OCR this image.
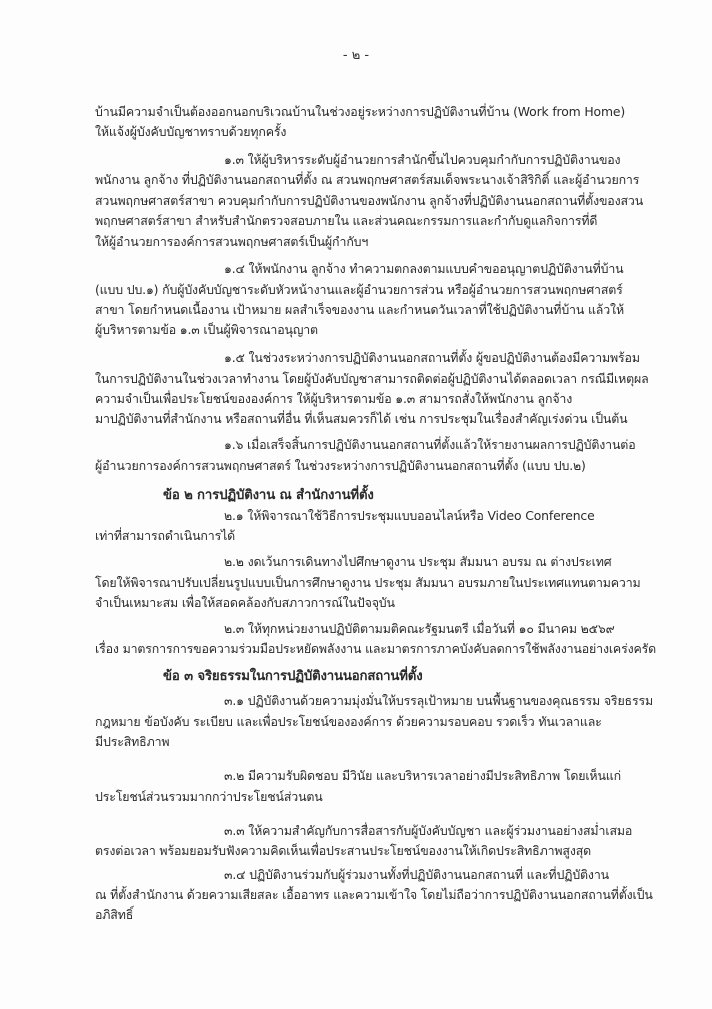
- ๒ -
บ้านมีความจำเป็นต้องออกนอกบริเวณบ้านในช่วงอยู่ระหว่างการปฏิบัติงานที่บ้าน (Work from Home)
ให้แจ้งผู้บังคับบัญชาทราบด้วยทุกครั้ง
๑.๓ ให้ผู้บริหารระดับผู้อำนวยการสำนักขึ้นไปควบคุมกำกับการปฏิบัติงานของ
พนักงาน ลูกจ้าง ที่ปฏิบัติงานนอกสถานที่ตั้ง ณ สวนพฤกษศาสตร์สมเด็จพระนางเจ้าสิริกิติ์ และผู้อำนวยการ
สวนพฤกษศาสตร์สาขา ควบคุมกำกับการปฏิบัติงานของพนักงาน ลูกจ้างที่ปฏิบัติงานนอกสถานที่ตั้งของสวน
พฤกษศาสตร์สาขา สำหรับสำนักตรวจสอบภายใน และส่วนคณะกรรมการและกำกับดูแลกิจการที่ดี
ให้ผู้อำนวยการองค์การสวนพฤกษศาสตร์เป็นผู้กำกับฯ
๑.๔ ให้พนักงาน ลูกจ้าง ทำความตกลงตามแบบคำขออนุญาตปฏิบัติงานที่บ้าน
(แบบ ปบ.๑) กับผู้บังคับบัญชาระดับหัวหน้างานและผู้อำนวยการส่วน หรือผู้อำนวยการสวนพฤกษศาสตร์
สาขา โดยกำหนดเนื้องาน เป้าหมาย ผลสำเร็จของงาน และกำหนดวันเวลาที่ใช้ปฏิบัติงานที่บ้าน แล้วให้
ผู้บริหารตามข้อ ๑.๓ เป็นผู้พิจารณาอนุญาต
๑.๕ ในช่วงระหว่างการปฏิบัติงานนอกสถานที่ตั้ง ผู้ขอปฏิบัติงานต้องมีความพร้อม
ในการปฏิบัติงานในช่วงเวลาทำงาน โดยผู้บังคับบัญชาสามารถติดต่อผู้ปฏิบัติงานได้ตลอดเวลา กรณีมีเหตุผล
ความจำเป็นเพื่อประโยชน์ขององค์การ ให้ผู้บริหารตามข้อ ๑.๓ สามารถสั่งให้พนักงาน ลูกจ้าง
มาปฏิบัติงานที่สำนักงาน หรือสถานที่อื่น ที่เห็นสมควรก็ได้ เช่น การประชุมในเรื่องสำคัญเร่งด่วน เป็นต้น
๑.๖ เมื่อเสร็จสิ้นการปฏิบัติงานนอกสถานที่ตั้งแล้วให้รายงานผลการปฏิบัติงานต่อ
ผู้อำนวยการองค์การสวนพฤกษศาสตร์ ในช่วงระหว่างการปฏิบัติงานนอกสถานที่ตั้ง (แบบ ปบ.๒)
ข้อ ๒ การปฏิบัติงาน ณ สำนักงานที่ตั้ง
๒.๑ ให้พิจารณาใช้วิธีการประชุมแบบออนไลน์หรือ Video Conference
เท่าที่สามารถดำเนินการได้
๒.๒ งดเว้นการเดินทางไปศึกษาดูงาน ประชุม สัมมนา อบรม ณ ต่างประเทศ
โดยให้พิจารณาปรับเปลี่ยนรูปแบบเป็นการศึกษาดูงาน ประชุม สัมมนา อบรมภายในประเทศแทนตามความ
จำเป็นเหมาะสม เพื่อให้สอดคล้องกับสภาวการณ์ในปัจจุบัน
๒.๓ ให้ทุกหน่วยงานปฏิบัติตามมติคณะรัฐมนตรี เมื่อวันที่ ๑๐ มีนาคม ๒๕๖๙
เรื่อง มาตรการการขอความร่วมมือประหยัดพลังงาน และมาตรการภาคบังคับลดการใช้พลังงานอย่างเคร่งครัด
ข้อ ๓ จริยธรรมในการปฏิบัติงานนอกสถานที่ตั้ง
๓.๑ ปฏิบัติงานด้วยความมุ่งมั่นให้บรรลุเป้าหมาย บนพื้นฐานของคุณธรรม จริยธรรม
กฎหมาย ข้อบังคับ ระเบียบ และเพื่อประโยชน์ขององค์การ ด้วยความรอบคอบ รวดเร็ว ทันเวลาและ
มีประสิทธิภาพ
๓.๒ มีความรับผิดชอบ มีวินัย และบริหารเวลาอย่างมีประสิทธิภาพ โดยเห็นแก่
ประโยชน์ส่วนรวมมากกว่าประโยชน์ส่วนตน
๓.๓ ให้ความสำคัญกับการสื่อสารกับผู้บังคับบัญชา และผู้ร่วมงานอย่างสม่ำเสมอ
ตรงต่อเวลา พร้อมยอมรับฟังความคิดเห็นเพื่อประสานประโยชน์ของงานให้เกิดประสิทธิภาพสูงสุด
๓.๔ ปฏิบัติงานร่วมกับผู้ร่วมงานทั้งที่ปฏิบัติงานนอกสถานที่ และที่ปฏิบัติงาน
ณ ที่ตั้งสำนักงาน ด้วยความเสียสละ เอื้ออาทร และความเข้าใจ โดยไม่ถือว่าการปฏิบัติงานนอกสถานที่ตั้งเป็น
อภิสิทธิ์
